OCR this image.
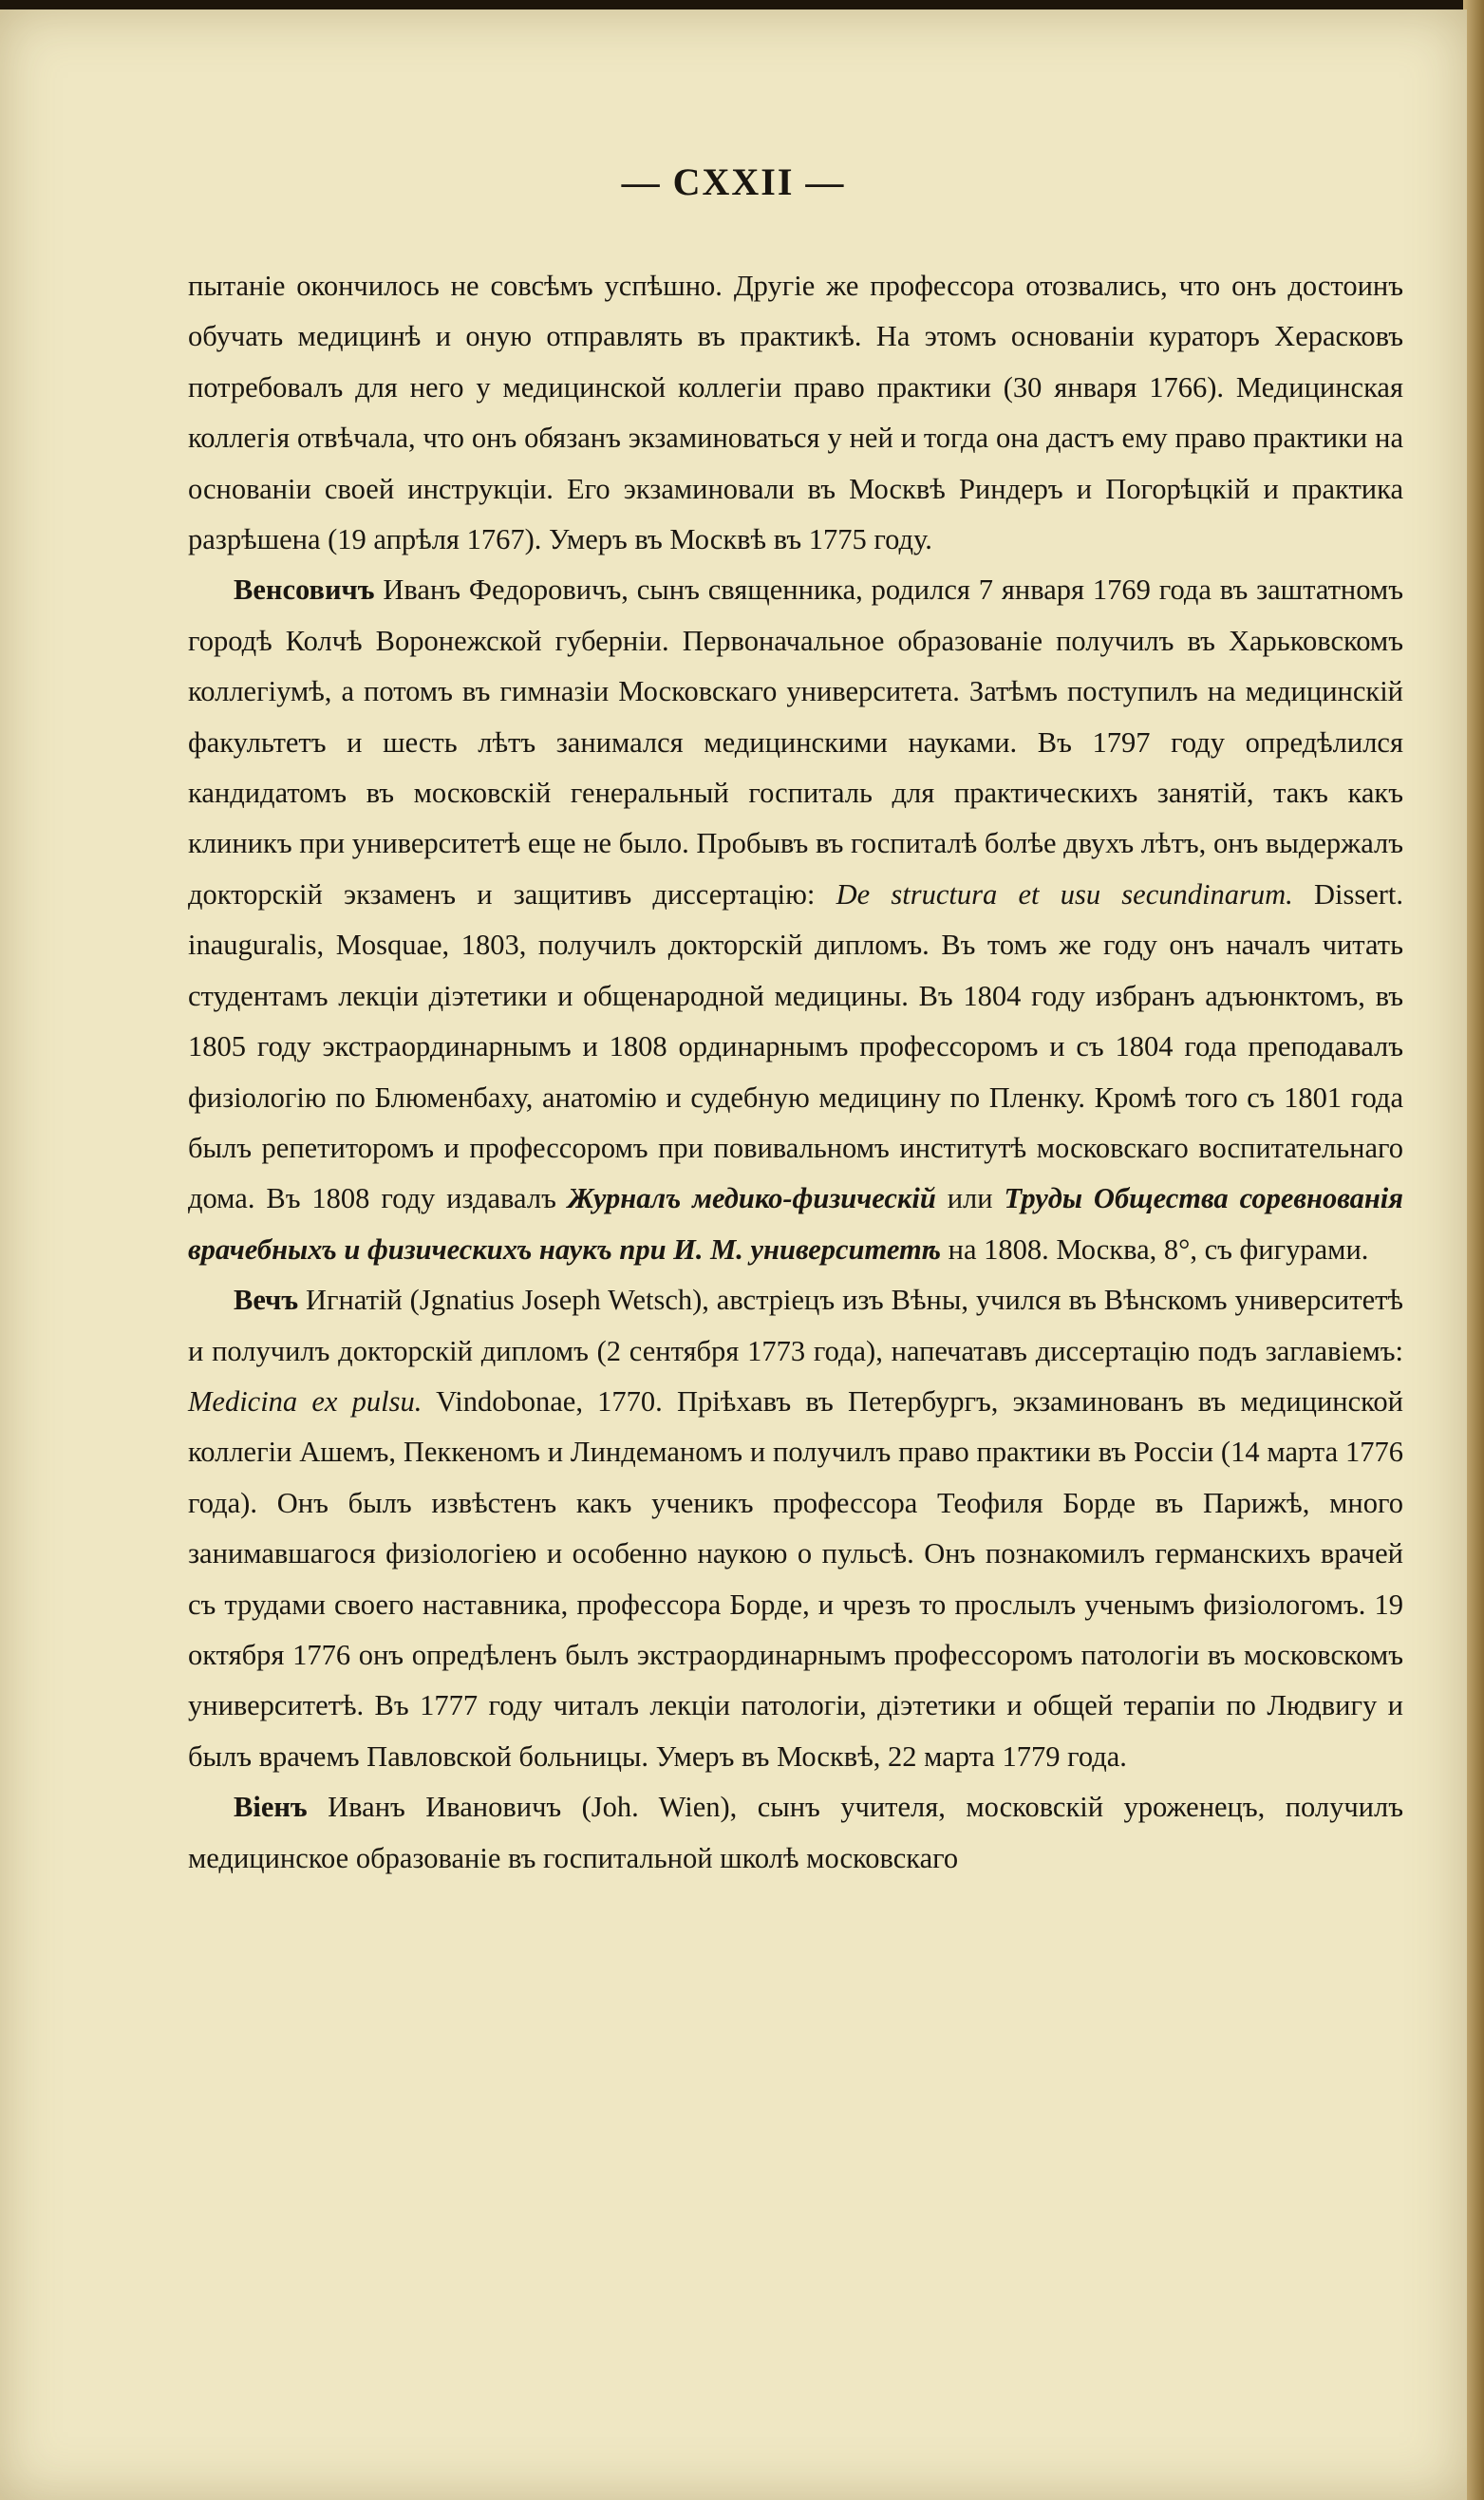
— CXXII —

пытаніе окончилось не совсѣмъ успѣшно. Другіе же профессора отозвались, что онъ достоинъ обучать медицинѣ и оную отправлять въ практикѣ. На этомъ основаніи кураторъ Херасковъ потребовалъ для него у медицинской коллегіи право практики (30 января 1766). Медицинская коллегія отвѣчала, что онъ обязанъ экзаминоваться у ней и тогда она дастъ ему право практики на основаніи своей инструкціи. Его экзаминовали въ Москвѣ Риндеръ и Погорѣцкій и практика разрѣшена (19 апрѣля 1767). Умеръ въ Москвѣ въ 1775 году.

Венсовичъ Иванъ Федоровичъ, сынъ священника, родился 7 января 1769 года въ заштатномъ городѣ Колчѣ Воронежской губерніи. Первоначальное образованіе получилъ въ Харьковскомъ коллегіумѣ, а потомъ въ гимназіи Московскаго университета. Затѣмъ поступилъ на медицинскій факультетъ и шесть лѣтъ занимался медицинскими науками. Въ 1797 году опредѣлился кандидатомъ въ московскій генеральный госпиталь для практическихъ занятій, такъ какъ клиникъ при университетѣ еще не было. Пробывъ въ госпиталѣ болѣе двухъ лѣтъ, онъ выдержалъ докторскій экзаменъ и защитивъ диссертацію: De structura et usu secundinarum. Dissert. inauguralis, Mosquae, 1803, получилъ докторскій дипломъ. Въ томъ же году онъ началъ читать студентамъ лекціи діэтетики и общенародной медицины. Въ 1804 году избранъ адъюнктомъ, въ 1805 году экстраординарнымъ и 1808 ординарнымъ профессоромъ и съ 1804 года преподавалъ физіологію по Блюменбаху, анатомію и судебную медицину по Пленку. Кромѣ того съ 1801 года былъ репетиторомъ и профессоромъ при повивальномъ институтѣ московскаго воспитательнаго дома. Въ 1808 году издавалъ Журналъ медико-физическій или Труды Общества соревнованія врачебныхъ и физическихъ наукъ при И. М. университетѣ на 1808. Москва, 8°, съ фигурами.

Вечъ Игнатій (Jgnatius Joseph Wetsch), австріецъ изъ Вѣны, учился въ Вѣнскомъ университетѣ и получилъ докторскій дипломъ (2 сентября 1773 года), напечатавъ диссертацію подъ заглавіемъ: Medicina ex pulsu. Vindobonae, 1770. Пріѣхавъ въ Петербургъ, экзаминованъ въ медицинской коллегіи Ашемъ, Пеккеномъ и Линдеманомъ и получилъ право практики въ Россіи (14 марта 1776 года). Онъ былъ извѣстенъ какъ ученикъ профессора Теофиля Борде въ Парижѣ, много занимавшагося физіологіею и особенно наукою о пульсѣ. Онъ познакомилъ германскихъ врачей съ трудами своего наставника, профессора Борде, и чрезъ то прослылъ ученымъ физіологомъ. 19 октября 1776 онъ опредѣленъ былъ экстраординарнымъ профессоромъ патологіи въ московскомъ университетѣ. Въ 1777 году читалъ лекціи патологіи, діэтетики и общей терапіи по Людвигу и былъ врачемъ Павловской больницы. Умеръ въ Москвѣ, 22 марта 1779 года.

Віенъ Иванъ Ивановичъ (Joh. Wien), сынъ учителя, московскій уроженецъ, получилъ медицинское образованіе въ госпитальной школѣ московскаго
